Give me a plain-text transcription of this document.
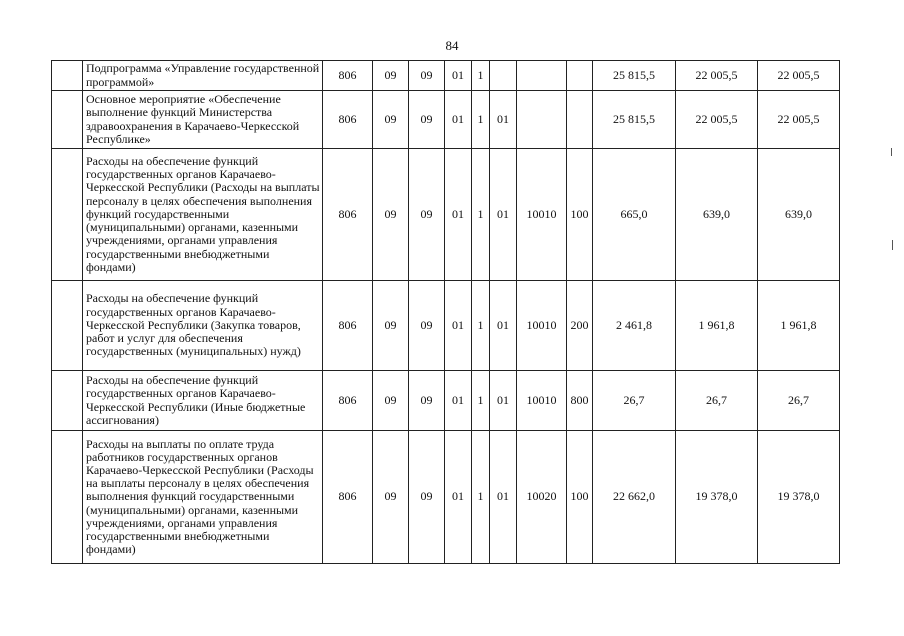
84
	Подпрограмма «Управление государственной программой»	806	09	09	01	1				25 815,5	22 005,5	22 005,5
	Основное мероприятие «Обеспечение выполнение функций Министерства здравоохранения в Карачаево-Черкесской Республике»	806	09	09	01	1	01			25 815,5	22 005,5	22 005,5
	Расходы на обеспечение функций государственных органов Карачаево-Черкесской Республики (Расходы на выплаты персоналу в целях обеспечения выполнения функций государственными (муниципальными) органами, казенными учреждениями, органами управления государственными внебюджетными фондами)	806	09	09	01	1	01	10010	100	665,0	639,0	639,0
	Расходы на обеспечение функций государственных органов Карачаево-Черкесской Республики (Закупка товаров, работ и услуг для обеспечения государственных (муниципальных) нужд)	806	09	09	01	1	01	10010	200	2 461,8	1 961,8	1 961,8
	Расходы на обеспечение функций государственных органов Карачаево-Черкесской Республики (Иные бюджетные ассигнования)	806	09	09	01	1	01	10010	800	26,7	26,7	26,7
	Расходы на выплаты по оплате труда работников государственных органов Карачаево-Черкесской Республики (Расходы на выплаты персоналу в целях обеспечения выполнения функций государственными (муниципальными) органами, казенными учреждениями, органами управления государственными внебюджетными фондами)	806	09	09	01	1	01	10020	100	22 662,0	19 378,0	19 378,0
